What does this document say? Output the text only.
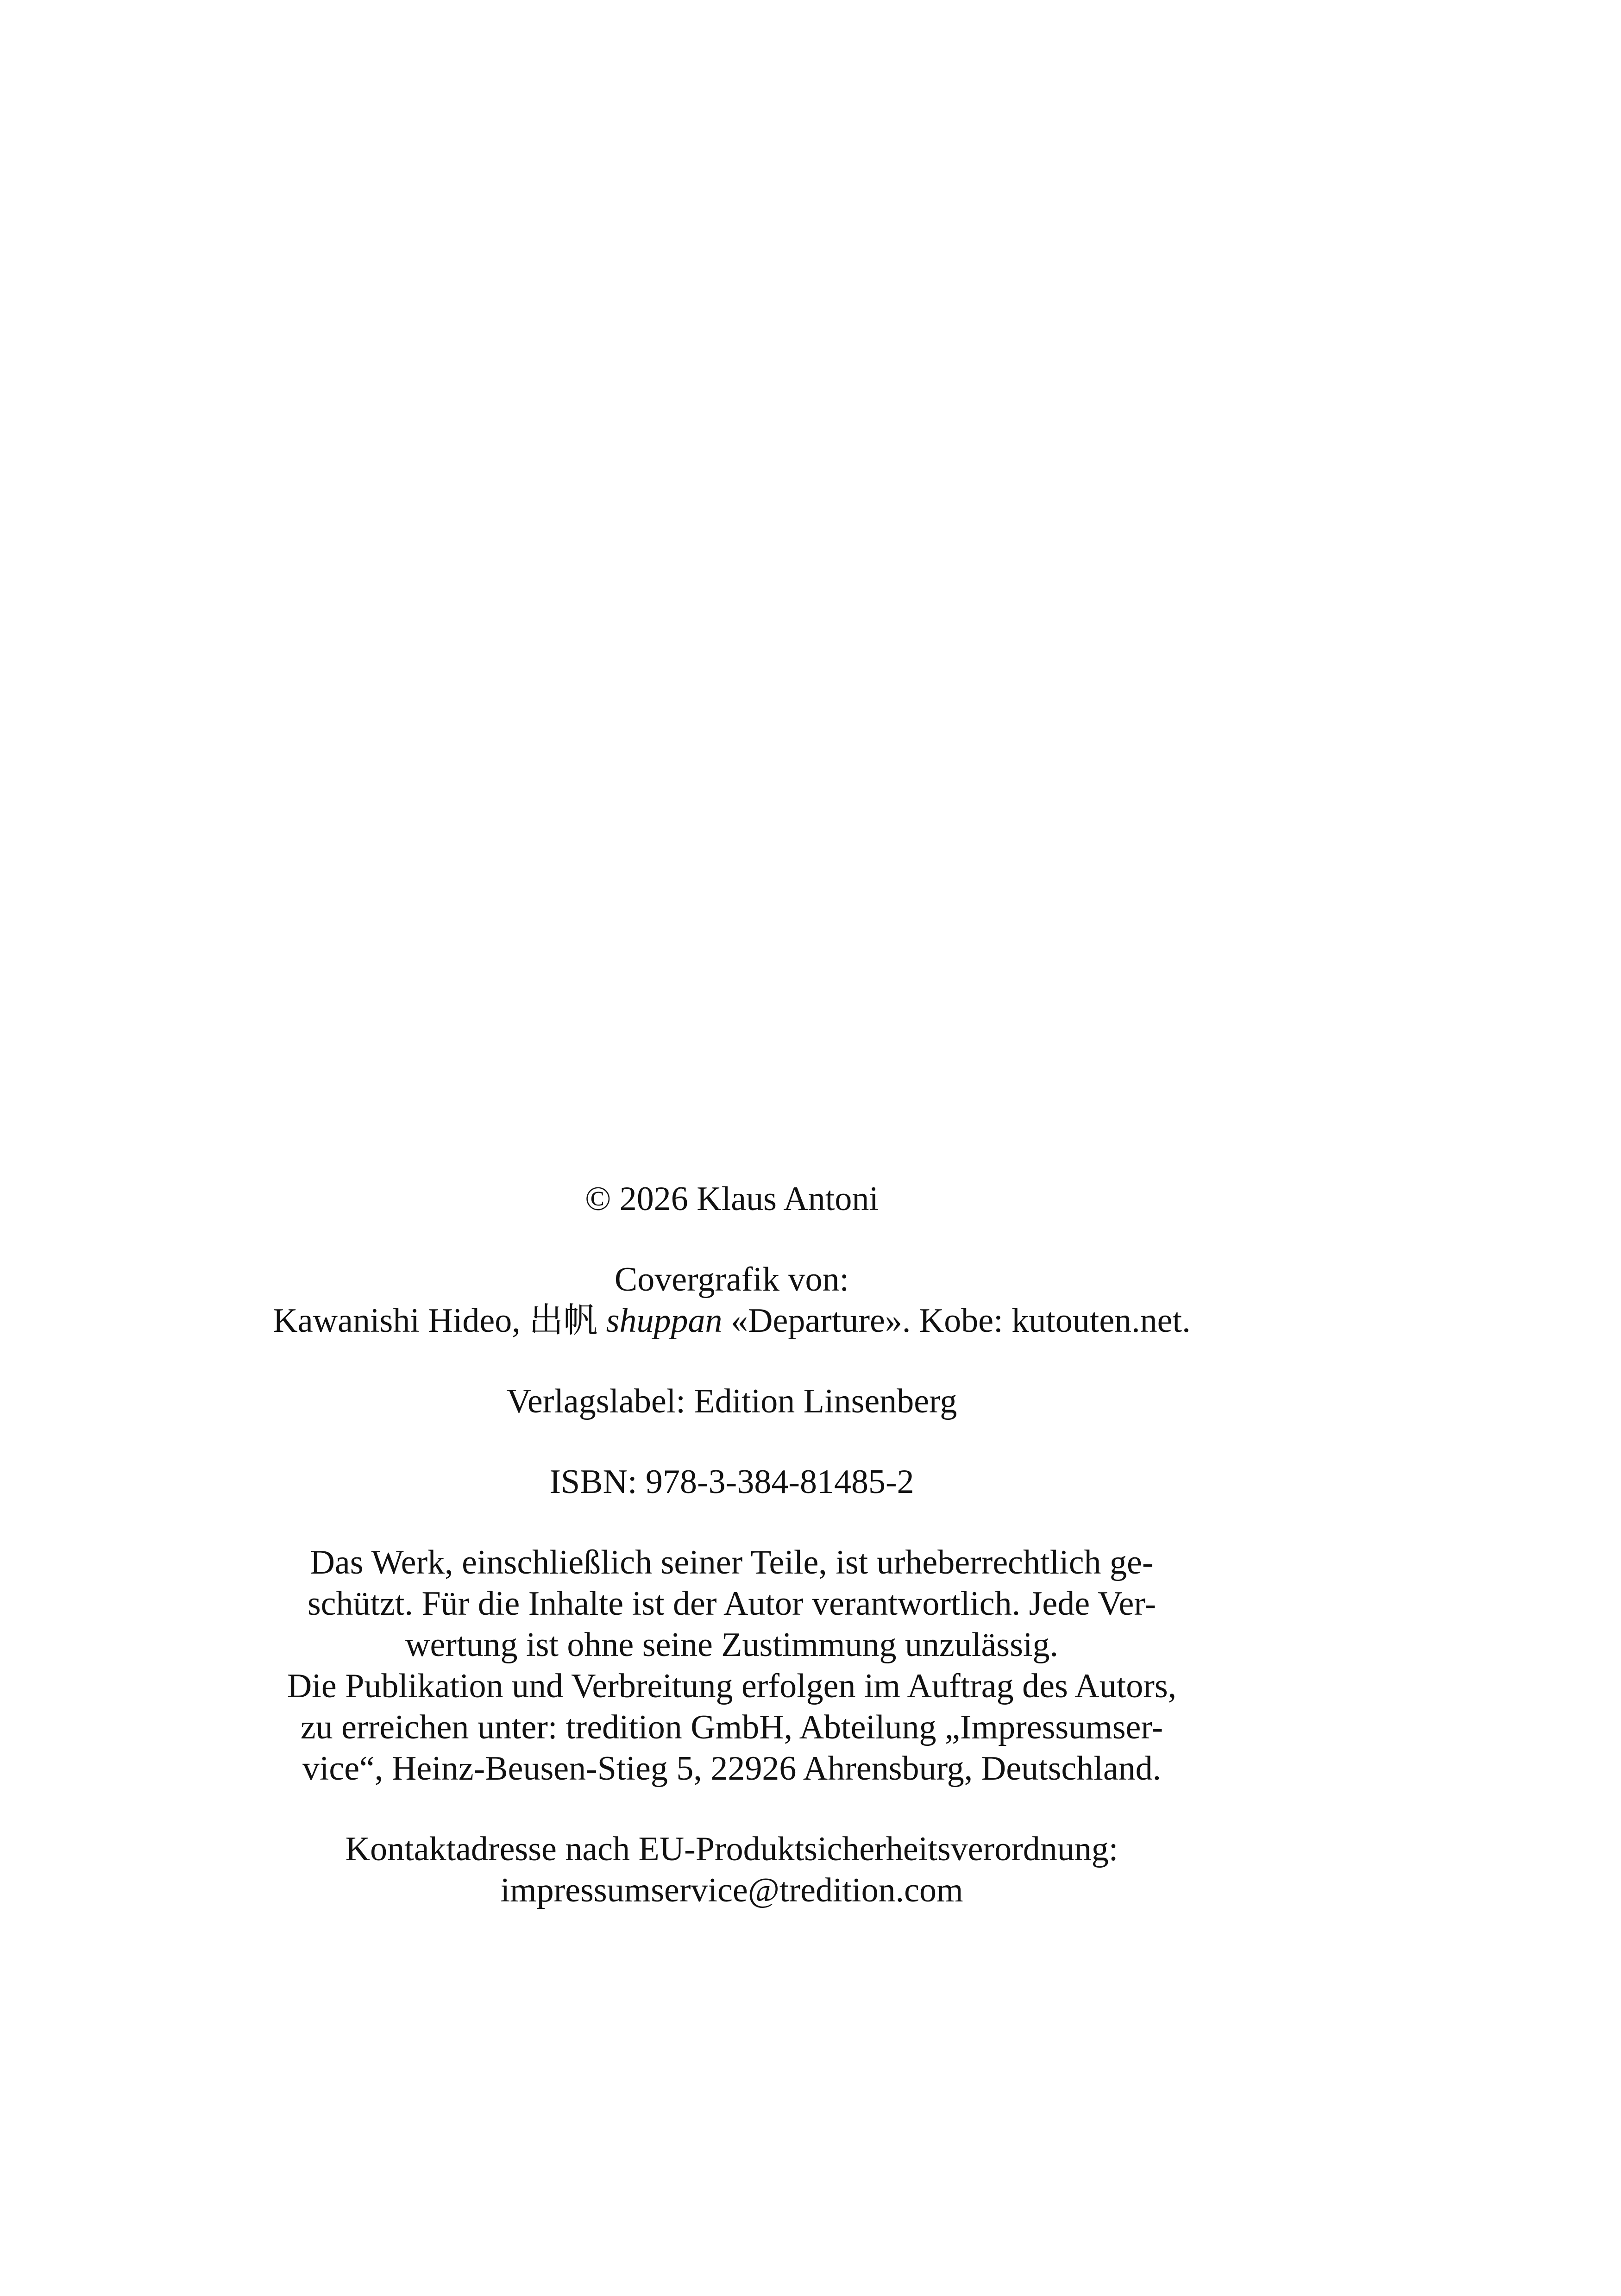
© 2026 Klaus Antoni

Covergrafik von:

Kawanishi Hideo, 出帆 shuppan «Departure». Kobe: kutouten.net.

Verlagslabel: Edition Linsenberg

ISBN: 978-3-384-81485-2

Das Werk, einschließlich seiner Teile, ist urheberrechtlich ge-

schützt. Für die Inhalte ist der Autor verantwortlich. Jede Ver-

wertung ist ohne seine Zustimmung unzulässig.

Die Publikation und Verbreitung erfolgen im Auftrag des Autors,

zu erreichen unter: tredition GmbH, Abteilung „Impressumser-

vice“, Heinz-Beusen-Stieg 5, 22926 Ahrensburg, Deutschland.

Kontaktadresse nach EU-Produktsicherheitsverordnung:

impressumservice@tredition.com
